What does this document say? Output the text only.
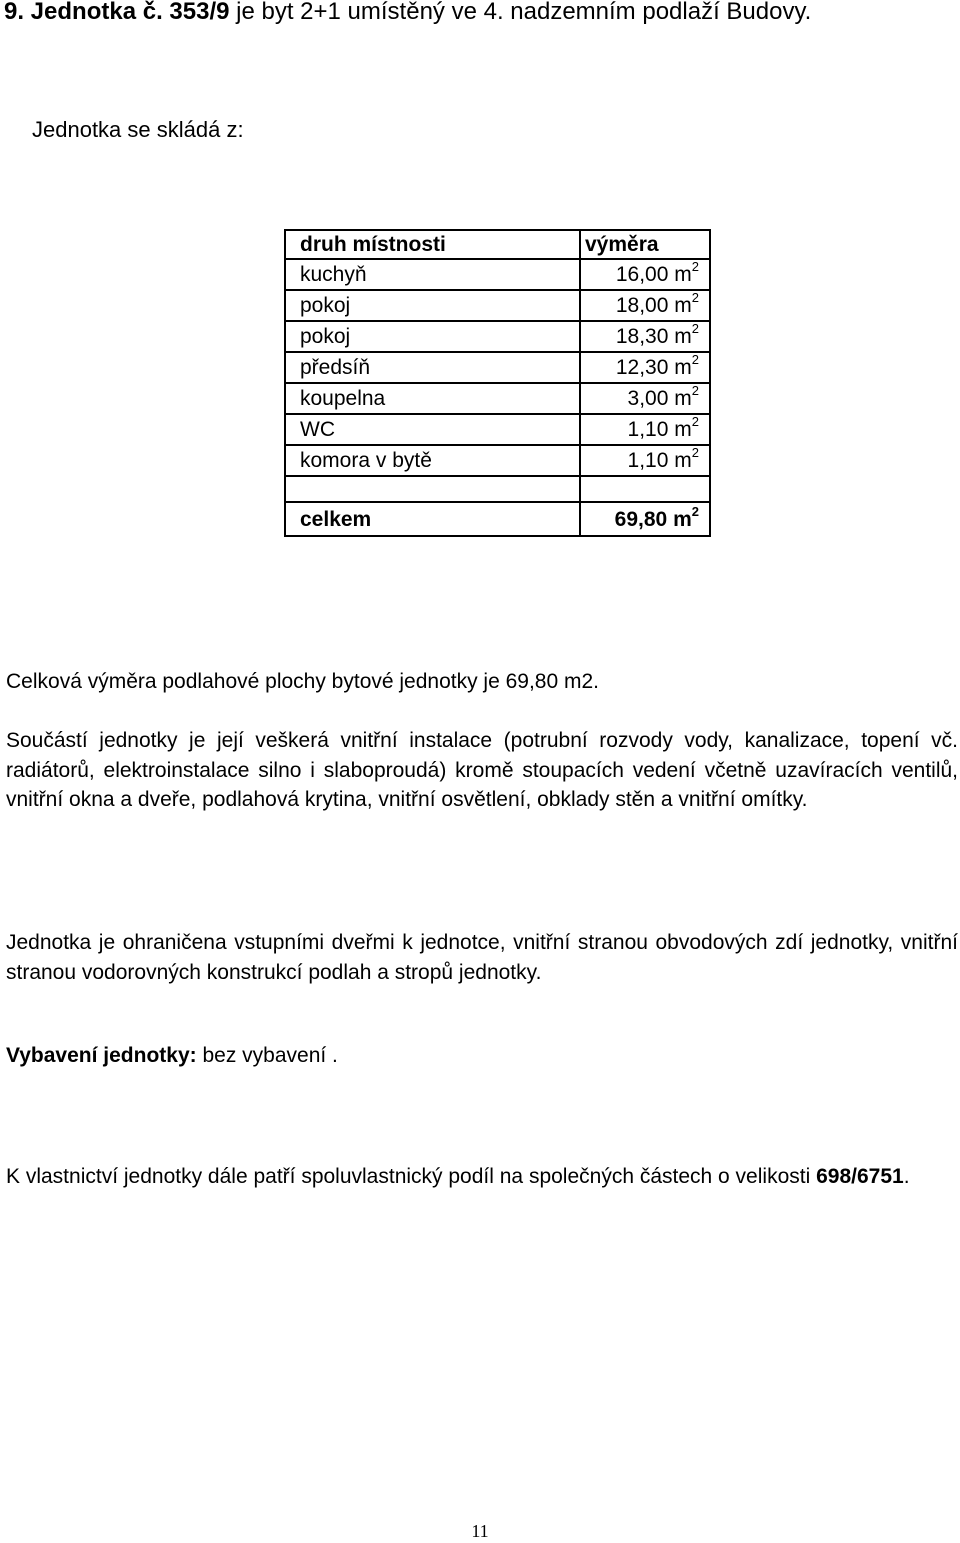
9. Jednotka č. 353/9 je byt 2+1 umístěný ve 4. nadzemním podlaží Budovy.
Jednotka se skládá z:
druh místnosti	výměra
kuchyň	16,00 $m^2$
pokoj	18,00 $m^2$
pokoj	18,30 $m^2$
předsíň	12,30 $m^2$
koupelna	3,00 $m^2$
WC	1,10 $m^2$
komora v bytě	1,10 $m^2$

celkem	69,80 $m^2$
Celková výměra podlahové plochy bytové jednotky je 69,80 m2.
Součástí jednotky je její veškerá vnitřní instalace (potrubní rozvody vody, kanalizace, topení vč. radiátorů, elektroinstalace silno i slaboproudá) kromě stoupacích vedení včetně uzavíracích ventilů, vnitřní okna a dveře, podlahová krytina, vnitřní osvětlení, obklady stěn a vnitřní omítky.
Jednotka je ohraničena vstupními dveřmi k jednotce, vnitřní stranou obvodových zdí jednotky, vnitřní stranou vodorovných konstrukcí podlah a stropů jednotky.
Vybavení jednotky: bez vybavení .
K vlastnictví jednotky dále patří spoluvlastnický podíl na společných částech o velikosti 698/6751.
11
